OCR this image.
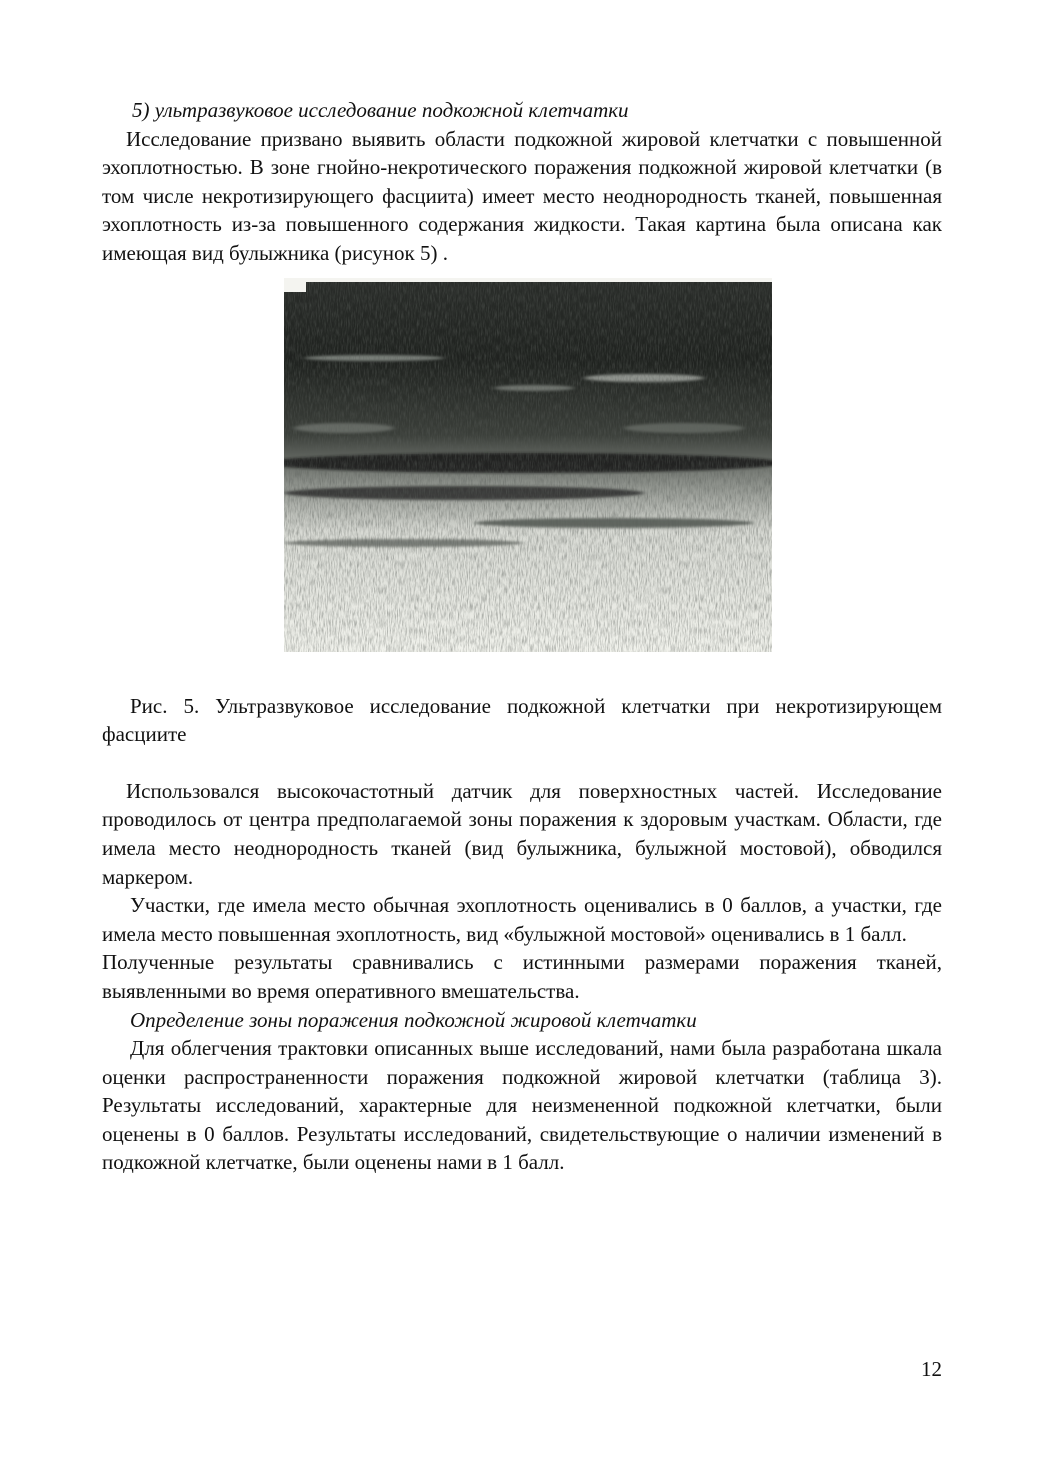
5) ультразвуковое исследование подкожной клетчатки

Исследование призвано выявить области подкожной жировой клетчатки с повышенной эхоплотностью. В зоне гнойно-некротического поражения подкожной жировой клетчатки (в том числе некротизирующего фасциита) имеет место неоднородность тканей, повышенная эхоплотность из-за повышенного содержания жидкости. Такая картина была описана как имеющая вид булыжника (рисунок 5) .

Рис. 5. Ультразвуковое исследование подкожной клетчатки при некротизирующем фасциите

Использовался высокочастотный датчик для поверхностных частей. Исследование проводилось от центра предполагаемой зоны поражения к здоровым участкам. Области, где имела место неоднородность тканей (вид булыжника, булыжной мостовой), обводился маркером.

Участки, где имела место обычная эхоплотность оценивались в 0 баллов, а участки, где имела место повышенная эхоплотность, вид «булыжной мостовой» оценивались в 1 балл.

Полученные результаты сравнивались с истинными размерами поражения тканей, выявленными во время оперативного вмешательства.

Определение зоны поражения подкожной жировой клетчатки

Для облегчения трактовки описанных выше исследований, нами была разработана шкала оценки распространенности поражения подкожной жировой клетчатки (таблица 3). Результаты исследований, характерные для неизмененной подкожной клетчатки, были оценены в 0 баллов. Результаты исследований, свидетельствующие о наличии изменений в подкожной клетчатке, были оценены нами в 1 балл.

12
